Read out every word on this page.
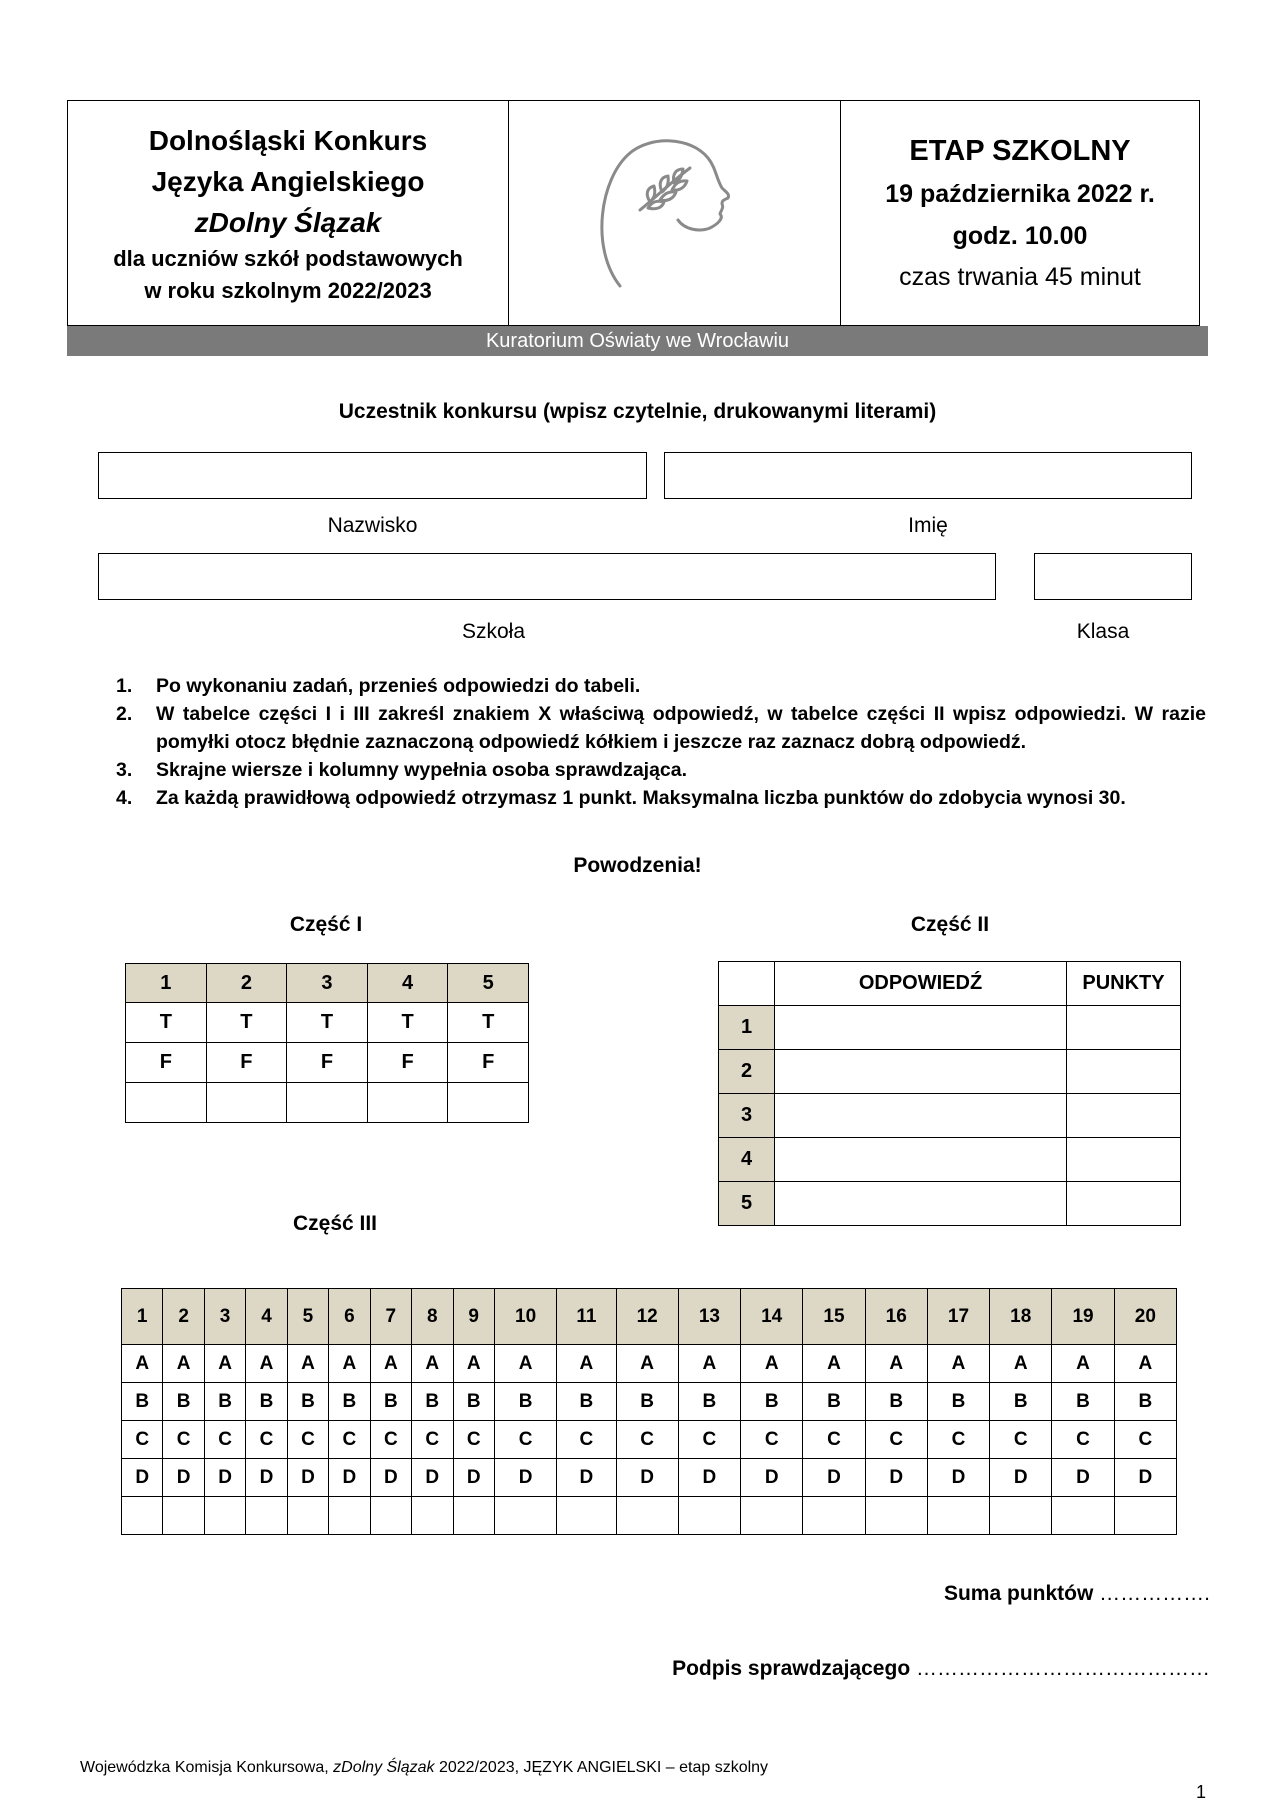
Dolnośląski Konkurs
Języka Angielskiego
zDolny Ślązak
dla uczniów szkół podstawowych
w roku szkolnym 2022/2023
ETAP SZKOLNY
19 października 2022 r.
godz. 10.00
czas trwania 45 minut
Kuratorium Oświaty we Wrocławiu
Uczestnik konkursu (wpisz czytelnie, drukowanymi literami)
Nazwisko	Imię
Szkoła	Klasa
1. Po wykonaniu zadań, przenieś odpowiedzi do tabeli.
2. W tabelce części I i III zakreśl znakiem X właściwą odpowiedź, w tabelce części II wpisz odpowiedzi. W razie pomyłki otocz błędnie zaznaczoną odpowiedź kółkiem i jeszcze raz zaznacz dobrą odpowiedź.
3. Skrajne wiersze i kolumny wypełnia osoba sprawdzająca.
4. Za każdą prawidłową odpowiedź otrzymasz 1 punkt. Maksymalna liczba punktów do zdobycia wynosi 30.
Powodzenia!
Część I
1	2	3	4	5
T	T	T	T	T
F	F	F	F	F

Część II
	ODPOWIEDŹ	PUNKTY
1		
2		
3		
4		
5		
Część III
1	2	3	4	5	6	7	8	9	10	11	12	13	14	15	16	17	18	19	20
A	A	A	A	A	A	A	A	A	A	A	A	A	A	A	A	A	A	A	A
B	B	B	B	B	B	B	B	B	B	B	B	B	B	B	B	B	B	B	B
C	C	C	C	C	C	C	C	C	C	C	C	C	C	C	C	C	C	C	C
D	D	D	D	D	D	D	D	D	D	D	D	D	D	D	D	D	D	D	D

Suma punktów …………….
Podpis sprawdzającego ……………………………………
Wojewódzka Komisja Konkursowa, zDolny Ślązak 2022/2023, JĘZYK ANGIELSKI – etap szkolny
1
